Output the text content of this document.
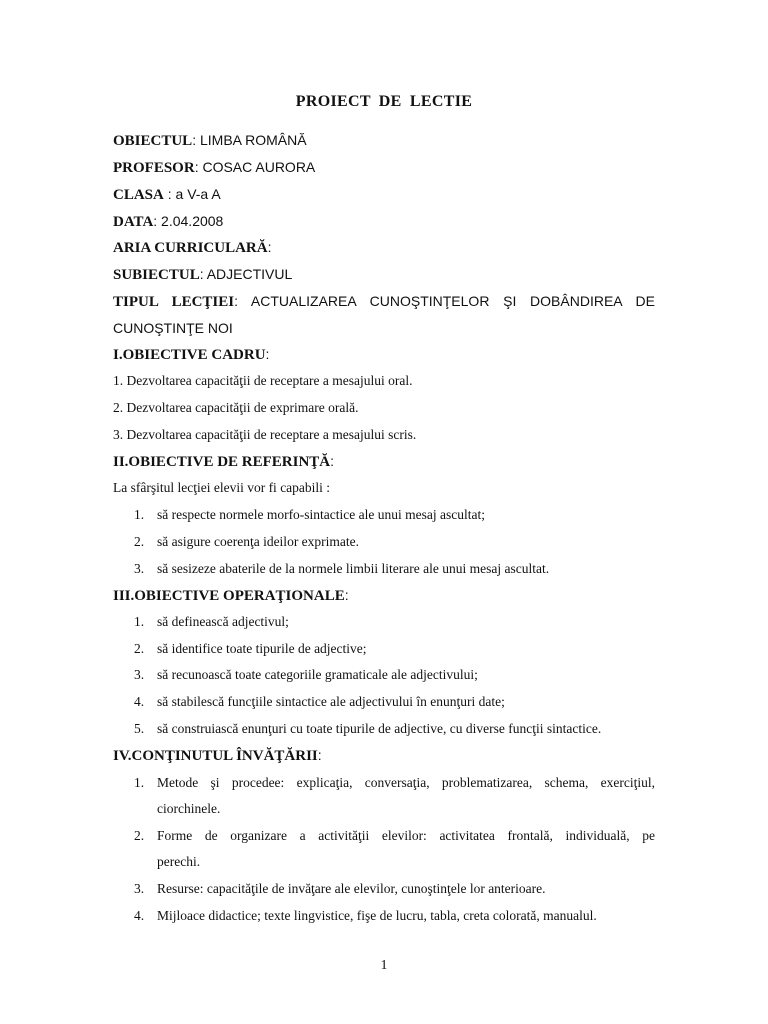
PROIECT DE LECTIE
OBIECTUL: LIMBA ROMÂNĂ
PROFESOR: COSAC AURORA
CLASA : a V-a A
DATA: 2.04.2008
ARIA CURRICULARĂ:
SUBIECTUL: ADJECTIVUL
TIPUL LECŢIEI: ACTUALIZAREA CUNOŞTINŢELOR ŞI DOBÂNDIREA DE
CUNOŞTINŢE NOI
I.OBIECTIVE CADRU:
1. Dezvoltarea capacităţii de receptare a mesajului oral.
2. Dezvoltarea capacităţii de exprimare orală.
3. Dezvoltarea capacităţii de receptare a mesajului scris.
II.OBIECTIVE DE REFERINŢĂ:
La sfârşitul lecţiei elevii vor fi capabili :
1. să respecte normele morfo-sintactice ale unui mesaj ascultat;
2. să asigure coerenţa ideilor exprimate.
3. să sesizeze abaterile de la normele limbii literare ale unui mesaj ascultat.
III.OBIECTIVE OPERAŢIONALE:
1. să definească adjectivul;
2. să identifice toate tipurile de adjective;
3. să recunoască toate categoriile gramaticale ale adjectivului;
4. să stabilescă funcţiile sintactice ale adjectivului în enunţuri date;
5. să construiască enunţuri cu toate tipurile de adjective, cu diverse funcţii sintactice.
IV.CONŢINUTUL ÎNVĂŢĂRII:
1. Metode şi procedee: explicaţia, conversaţia, problematizarea, schema, exerciţiul,
ciorchinele.
2. Forme de organizare a activităţii elevilor: activitatea frontală, individuală, pe
perechi.
3. Resurse: capacităţile de invăţare ale elevilor, cunoştinţele lor anterioare.
4. Mijloace didactice; texte lingvistice, fişe de lucru, tabla, creta colorată, manualul.
1
